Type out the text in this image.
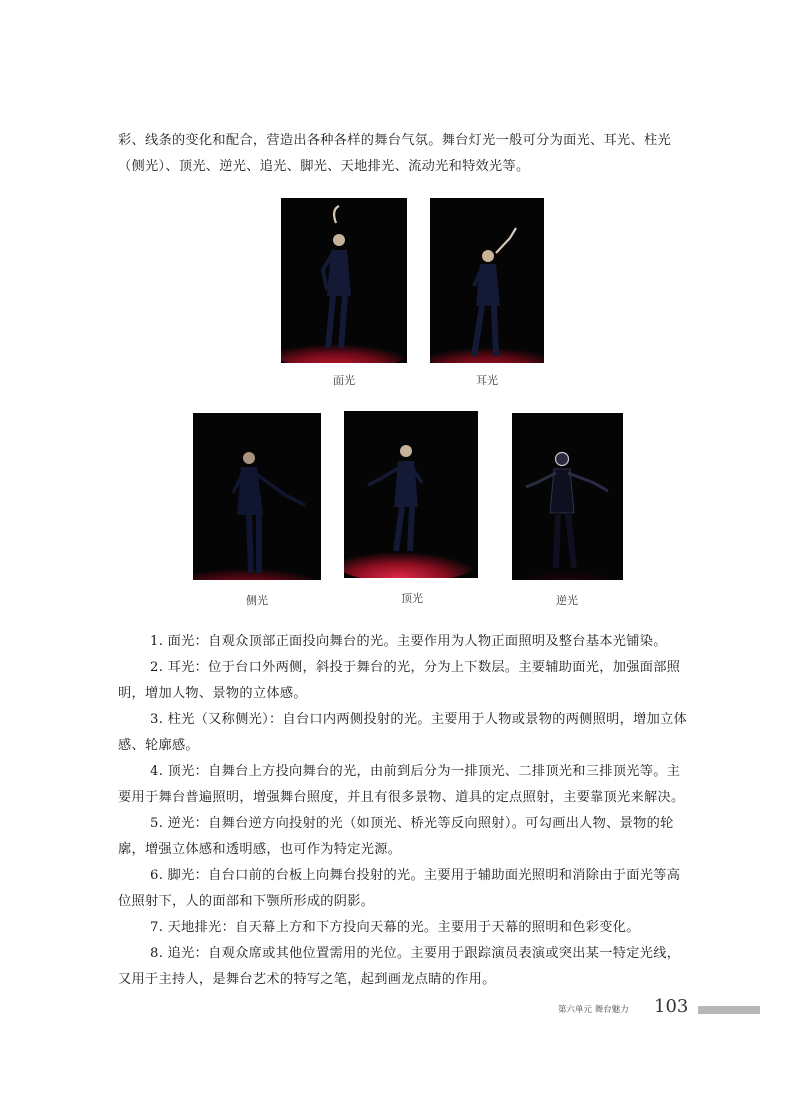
彩、线条的变化和配合，营造出各种各样的舞台气氛。舞台灯光一般可分为面光、耳光、柱光（侧光）、顶光、逆光、追光、脚光、天地排光、流动光和特效光等。

面光	耳光
侧光	顶光	逆光
1. 面光：自观众顶部正面投向舞台的光。主要作用为人物正面照明及整台基本光铺染。
2. 耳光：位于台口外两侧，斜投于舞台的光，分为上下数层。主要辅助面光，加强面部照明，增加人物、景物的立体感。
3. 柱光（又称侧光）：自台口内两侧投射的光。主要用于人物或景物的两侧照明，增加立体感、轮廓感。
4. 顶光：自舞台上方投向舞台的光，由前到后分为一排顶光、二排顶光和三排顶光等。主要用于舞台普遍照明，增强舞台照度，并且有很多景物、道具的定点照射，主要靠顶光来解决。
5. 逆光：自舞台逆方向投射的光（如顶光、桥光等反向照射）。可勾画出人物、景物的轮廓，增强立体感和透明感，也可作为特定光源。
6. 脚光：自台口前的台板上向舞台投射的光。主要用于辅助面光照明和消除由于面光等高位照射下，人的面部和下颚所形成的阴影。
7. 天地排光：自天幕上方和下方投向天幕的光。主要用于天幕的照明和色彩变化。
8. 追光：自观众席或其他位置需用的光位。主要用于跟踪演员表演或突出某一特定光线，又用于主持人，是舞台艺术的特写之笔，起到画龙点睛的作用。
第六单元 舞台魅力 103
